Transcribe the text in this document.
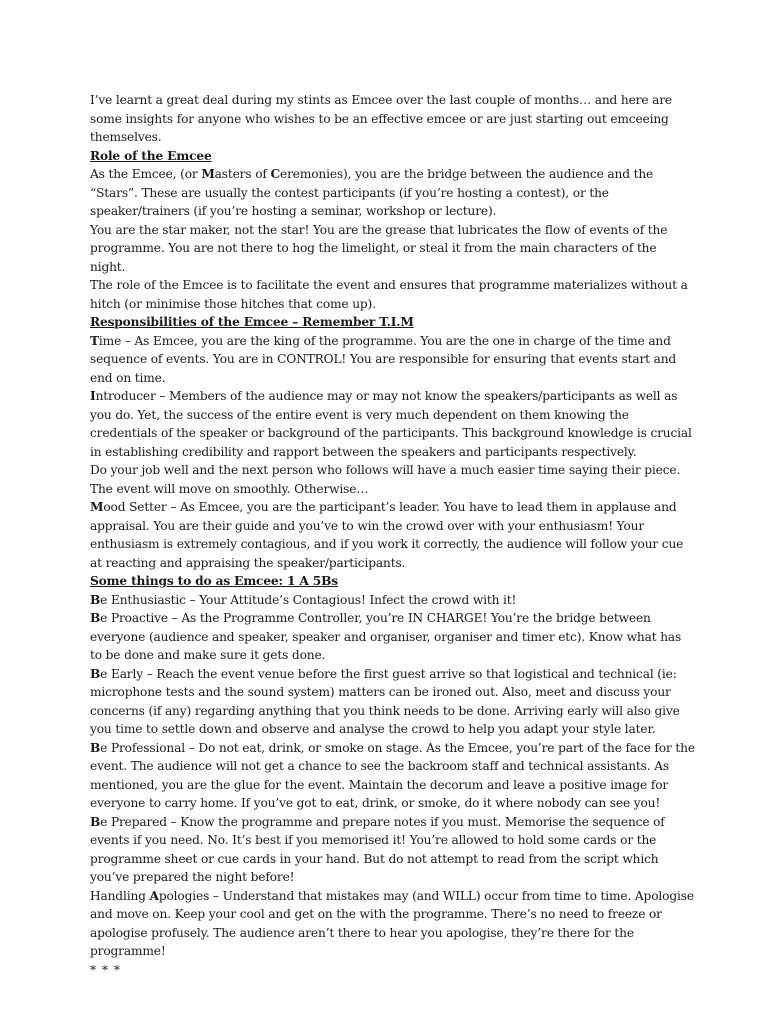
I’ve learnt a great deal during my stints as Emcee over the last couple of months… and here are some insights for anyone who wishes to be an effective emcee or are just starting out emceeing themselves.

Role of the Emcee

As the Emcee, (or Masters of Ceremonies), you are the bridge between the audience and the “Stars”. These are usually the contest participants (if you’re hosting a contest), or the speaker/trainers (if you’re hosting a seminar, workshop or lecture).

You are the star maker, not the star! You are the grease that lubricates the flow of events of the programme. You are not there to hog the limelight, or steal it from the main characters of the night.

The role of the Emcee is to facilitate the event and ensures that programme materializes without a hitch (or minimise those hitches that come up).

Responsibilities of the Emcee – Remember T.I.M

Time – As Emcee, you are the king of the programme. You are the one in charge of the time and sequence of events. You are in CONTROL! You are responsible for ensuring that events start and end on time.

Introducer – Members of the audience may or may not know the speakers/participants as well as you do. Yet, the success of the entire event is very much dependent on them knowing the credentials of the speaker or background of the participants. This background knowledge is crucial in establishing credibility and rapport between the speakers and participants respectively.

Do your job well and the next person who follows will have a much easier time saying their piece. The event will move on smoothly. Otherwise…

Mood Setter – As Emcee, you are the participant’s leader. You have to lead them in applause and appraisal. You are their guide and you’ve to win the crowd over with your enthusiasm! Your enthusiasm is extremely contagious, and if you work it correctly, the audience will follow your cue at reacting and appraising the speaker/participants.

Some things to do as Emcee: 1 A 5Bs

Be Enthusiastic – Your Attitude’s Contagious! Infect the crowd with it!

Be Proactive – As the Programme Controller, you’re IN CHARGE! You’re the bridge between everyone (audience and speaker, speaker and organiser, organiser and timer etc). Know what has to be done and make sure it gets done.

Be Early – Reach the event venue before the first guest arrive so that logistical and technical (ie: microphone tests and the sound system) matters can be ironed out. Also, meet and discuss your concerns (if any) regarding anything that you think needs to be done. Arriving early will also give you time to settle down and observe and analyse the crowd to help you adapt your style later.

Be Professional – Do not eat, drink, or smoke on stage. As the Emcee, you’re part of the face for the event. The audience will not get a chance to see the backroom staff and technical assistants. As mentioned, you are the glue for the event. Maintain the decorum and leave a positive image for everyone to carry home. If you’ve got to eat, drink, or smoke, do it where nobody can see you!

Be Prepared – Know the programme and prepare notes if you must. Memorise the sequence of events if you need. No. It’s best if you memorised it! You’re allowed to hold some cards or the programme sheet or cue cards in your hand. But do not attempt to read from the script which you’ve prepared the night before!

Handling Apologies – Understand that mistakes may (and WILL) occur from time to time. Apologise and move on. Keep your cool and get on the with the programme. There’s no need to freeze or apologise profusely. The audience aren’t there to hear you apologise, they’re there for the programme!

* * *
